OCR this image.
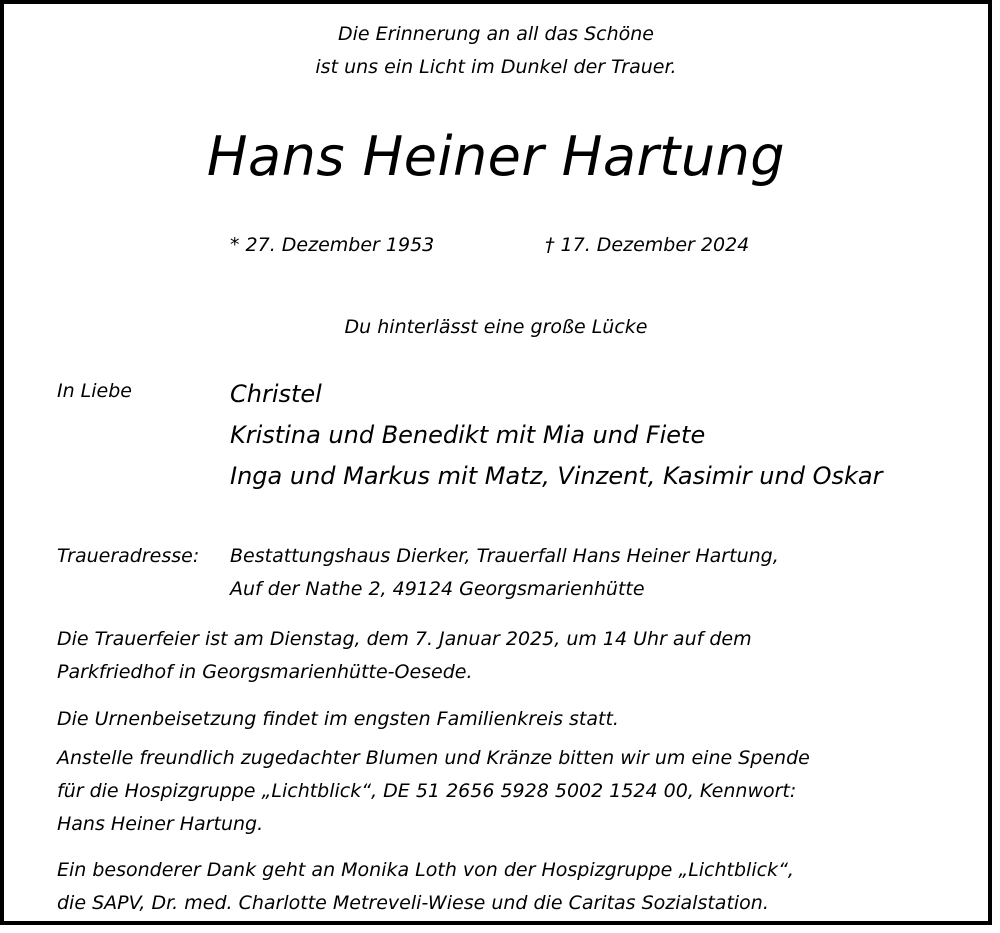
Die Erinnerung an all das Schöne
ist uns ein Licht im Dunkel der Trauer.
Hans Heiner Hartung
* 27. Dezember 1953	† 17. Dezember 2024
Du hinterlässt eine große Lücke
In Liebe	Christel
Kristina und Benedikt mit Mia und Fiete
Inga und Markus mit Matz, Vinzent, Kasimir und Oskar
Traueradresse: Bestattungshaus Dierker, Trauerfall Hans Heiner Hartung,
Auf der Nathe 2, 49124 Georgsmarienhütte
Die Trauerfeier ist am Dienstag, dem 7. Januar 2025, um 14 Uhr auf dem
Parkfriedhof in Georgsmarienhütte-Oesede.
Die Urnenbeisetzung findet im engsten Familienkreis statt.
Anstelle freundlich zugedachter Blumen und Kränze bitten wir um eine Spende
für die Hospizgruppe „Lichtblick“, DE 51 2656 5928 5002 1524 00, Kennwort:
Hans Heiner Hartung.
Ein besonderer Dank geht an Monika Loth von der Hospizgruppe „Lichtblick“,
die SAPV, Dr. med. Charlotte Metreveli-Wiese und die Caritas Sozialstation.
